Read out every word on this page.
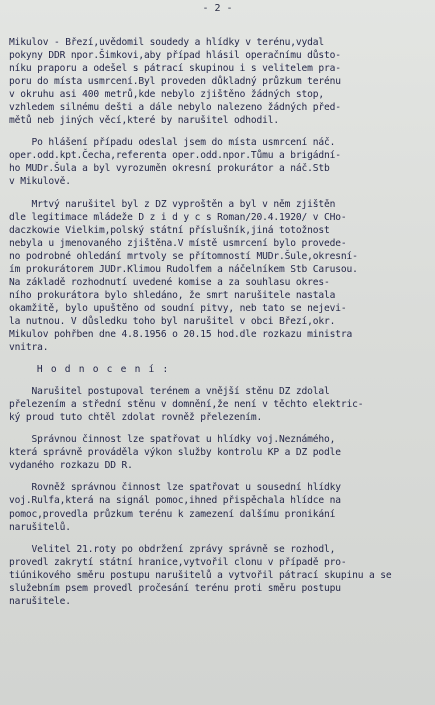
- 2 -
Mikulov - Březí,uvědomil soudedy a hlídky v terénu,vydal
pokyny DDR npor.Šimkovi,aby případ hlásil operačnímu důsto-
níku praporu a odešel s pátrací skupinou i s velitelem pra-
poru do místa usmrcení.Byl proveden důkladný průzkum terénu
v okruhu asi 400 metrů,kde nebylo zjištěno žádných stop,
vzhledem silnému dešti a dále nebylo nalezeno žádných před-
mětů neb jiných věcí,které by narušitel odhodil.
Po hlášení případu odeslal jsem do místa usmrcení náč.
oper.odd.kpt.Čecha,referenta oper.odd.npor.Tůmu a brigádní-
ho MUDr.Šula a byl vyrozuměn okresní prokurátor a náč.Stb
v Mikulově.
Mrtvý narušitel byl z DZ vyproštěn a byl v něm zjištěn
dle legitimace mládeže D z i d y c s Roman/20.4.1920/ v CHo-
daczkowie Vielkim,polský státní příslušník,jiná totožnost
nebyla u jmenovaného zjištěna.V místě usmrcení bylo provede-
no podrobné ohledání mrtvoly se přítomností MUDr.Šule,okresní-
ím prokurátorem JUDr.Klimou Rudolfem a náčelníkem Stb Carusou.
Na základě rozhodnutí uvedené komise a za souhlasu okres-
ního prokurátora bylo shledáno, že smrt narušitele nastala
okamžitě, bylo upuštěno od soudní pitvy, neb tato se nejevi-
la nutnou. V důsledku toho byl narušitel v obci Březí,okr.
Mikulov pohřben dne 4.8.1956 o 20.15 hod.dle rozkazu ministra
vnitra.
H o d n o c e n í :
Narušitel postupoval terénem a vnější stěnu DZ zdolal
přelezením a střední stěnu v domnění,že není v těchto elektric-
ký proud tuto chtěl zdolat rovněž přelezením.
Správnou činnost lze spatřovat u hlídky voj.Neznámého,
která správně prováděla výkon služby kontrolu KP a DZ podle
vydaného rozkazu DD R.
Rovněž správnou činnost lze spatřovat u sousední hlídky
voj.Rulfa,která na signál pomoc,ihned přispěchala hlídce na
pomoc,provedla průzkum terénu k zamezení dalšímu pronikání
narušitelů.
Velitel 21.roty po obdržení zprávy správně se rozhodl,
provedl zakrytí státní hranice,vytvořil clonu v případě pro-
tiúnikového směru postupu narušitelů a vytvořil pátrací skupinu a se
služebním psem provedl pročesání terénu proti směru postupu
narušitele.
